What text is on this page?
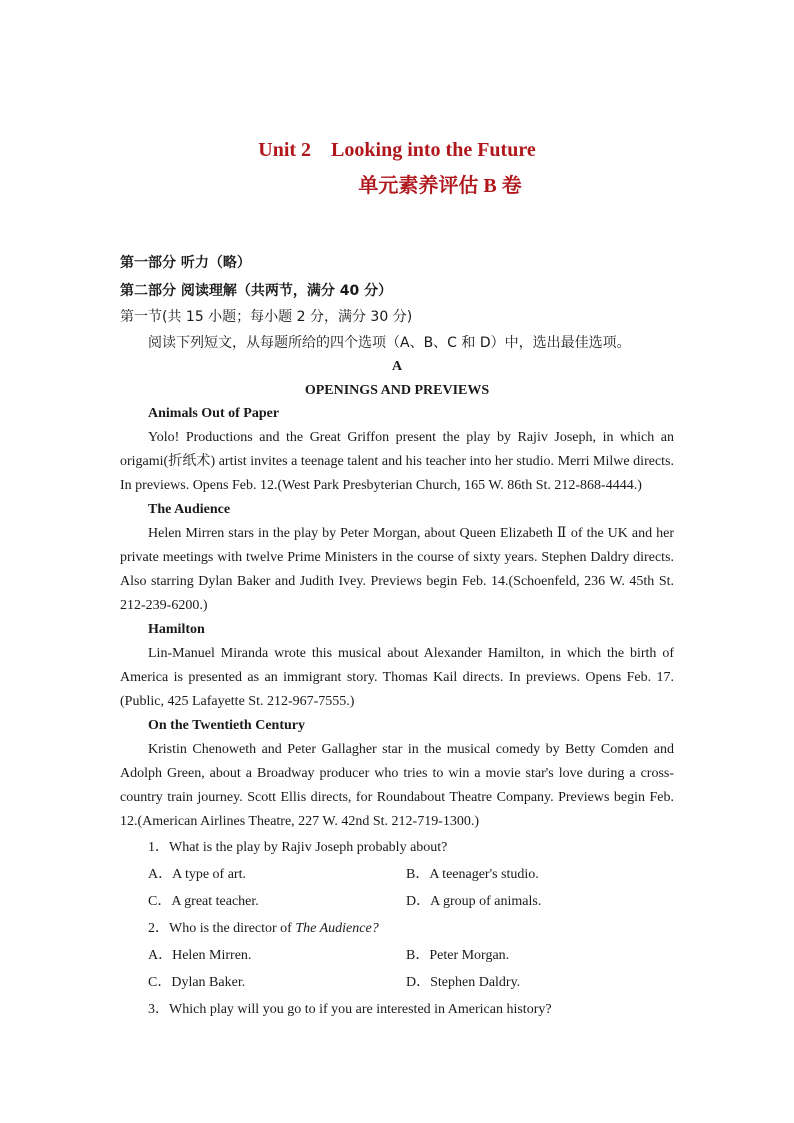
Unit 2    Looking into the Future
单元素养评估 B 卷
第一部分 听力（略）
第二部分 阅读理解（共两节，满分 40 分）
第一节(共 15 小题；每小题 2 分，满分 30 分)
阅读下列短文，从每题所给的四个选项（A、B、C 和 D）中，选出最佳选项。
A
OPENINGS AND PREVIEWS
Animals Out of Paper
Yolo! Productions and the Great Griffon present the play by Rajiv Joseph, in which an origami(折纸术) artist invites a teenage talent and his teacher into her studio. Merri Milwe directs. In previews. Opens Feb. 12.(West Park Presbyterian Church, 165 W. 86th St. 212-868-4444.)
The Audience
Helen Mirren stars in the play by Peter Morgan, about Queen Elizabeth Ⅱ of the UK and her private meetings with twelve Prime Ministers in the course of sixty years. Stephen Daldry directs. Also starring Dylan Baker and Judith Ivey. Previews begin Feb. 14.(Schoenfeld, 236 W. 45th St. 212-239-6200.)
Hamilton
Lin-Manuel Miranda wrote this musical about Alexander Hamilton, in which the birth of America is presented as an immigrant story. Thomas Kail directs. In previews. Opens Feb. 17.(Public, 425 Lafayette St. 212-967-7555.)
On the Twentieth Century
Kristin Chenoweth and Peter Gallagher star in the musical comedy by Betty Comden and Adolph Green, about a Broadway producer who tries to win a movie star's love during a cross-country train journey. Scott Ellis directs, for Roundabout Theatre Company. Previews begin Feb. 12.(American Airlines Theatre, 227 W. 42nd St. 212-719-1300.)
1．What is the play by Rajiv Joseph probably about?
A．A type of art.	B．A teenager's studio.
C．A great teacher.	D．A group of animals.
2．Who is the director of The Audience?
A．Helen Mirren.	B．Peter Morgan.
C．Dylan Baker.	D．Stephen Daldry.
3．Which play will you go to if you are interested in American history?
